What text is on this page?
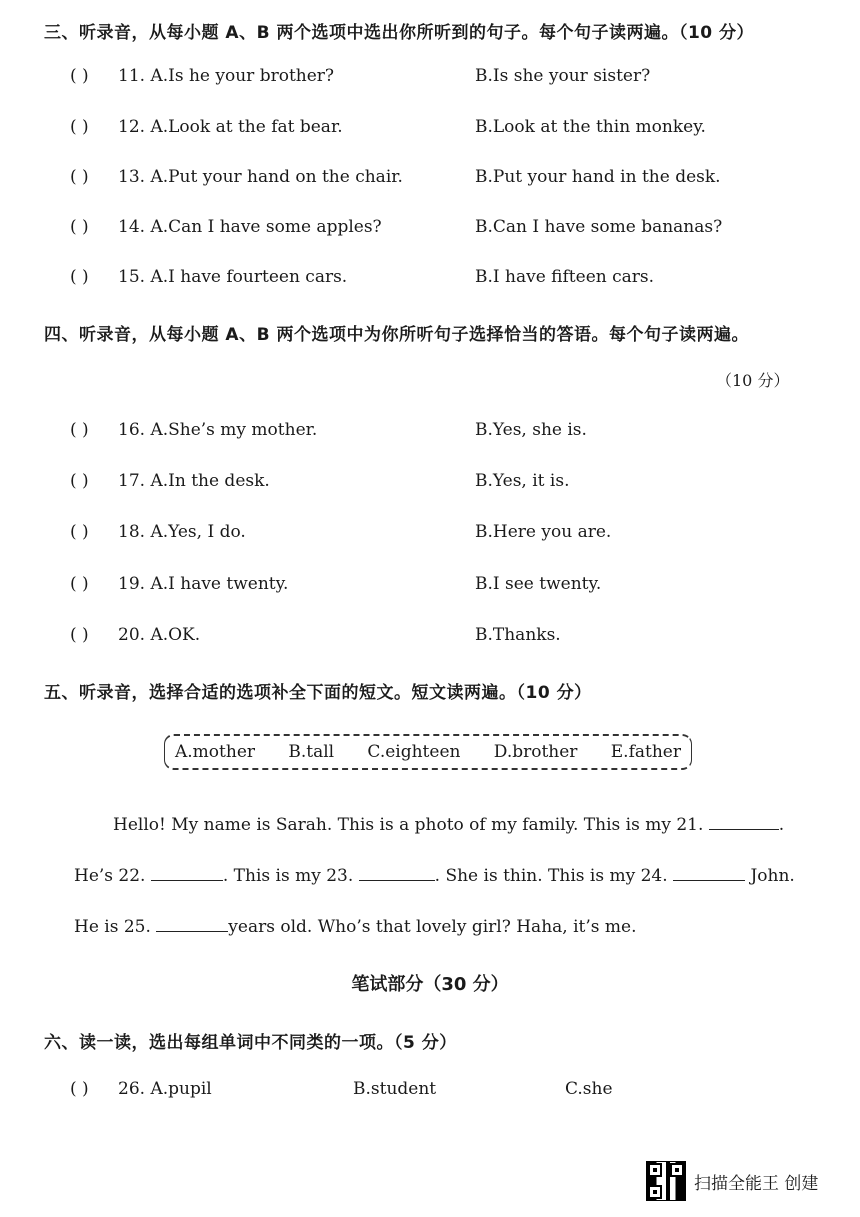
三、听录音，从每小题 A、B 两个选项中选出你所听到的句子。每个句子读两遍。（10 分）
( ) 11. A.Is he your brother?	B.Is she your sister?
( ) 12. A.Look at the fat bear.	B.Look at the thin monkey.
( ) 13. A.Put your hand on the chair.	B.Put your hand in the desk.
( ) 14. A.Can I have some apples?	B.Can I have some bananas?
( ) 15. A.I have fourteen cars.	B.I have fifteen cars.
四、听录音，从每小题 A、B 两个选项中为你所听句子选择恰当的答语。每个句子读两遍。
（10 分）
( ) 16. A.She’s my mother.	B.Yes, she is.
( ) 17. A.In the desk.	B.Yes, it is.
( ) 18. A.Yes, I do.	B.Here you are.
( ) 19. A.I have twenty.	B.I see twenty.
( ) 20. A.OK.	B.Thanks.
五、听录音，选择合适的选项补全下面的短文。短文读两遍。（10 分）
A.mother B.tall C.eighteen D.brother E.father
Hello! My name is Sarah. This is a photo of my family. This is my 21.	.
He’s 22.	. This is my 23.	. She is thin. This is my 24.	John.
He is 25.	years old. Who’s that lovely girl? Haha, it’s me.
笔试部分（30 分）
六、读一读，选出每组单词中不同类的一项。（5 分）
( ) 26. A.pupil	B.student	C.she
扫描全能王 创建
